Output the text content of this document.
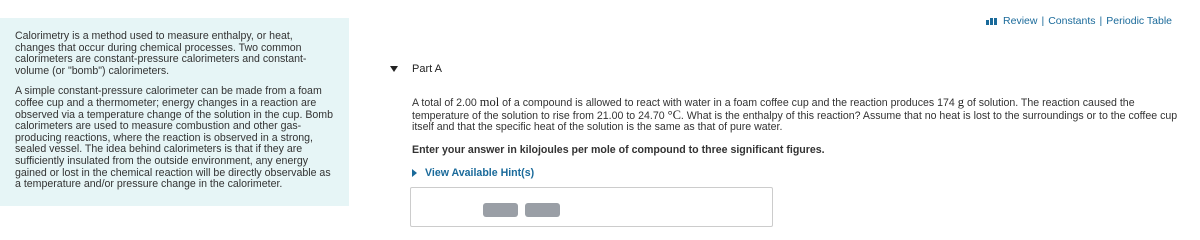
Calorimetry is a method used to measure enthalpy, or heat, changes that occur during chemical processes. Two common calorimeters are constant-pressure calorimeters and constant-volume (or "bomb") calorimeters.

A simple constant-pressure calorimeter can be made from a foam coffee cup and a thermometer; energy changes in a reaction are observed via a temperature change of the solution in the cup. Bomb calorimeters are used to measure combustion and other gas-producing reactions, where the reaction is observed in a strong, sealed vessel. The idea behind calorimeters is that if they are sufficiently insulated from the outside environment, any energy gained or lost in the chemical reaction will be directly observable as a temperature and/or pressure change in the calorimeter.

Review | Constants | Periodic Table
Part A
A total of 2.00 mol of a compound is allowed to react with water in a foam coffee cup and the reaction produces 174 g of solution. The reaction caused the temperature of the solution to rise from 21.00 to 24.70 °C. What is the enthalpy of this reaction? Assume that no heat is lost to the surroundings or to the coffee cup itself and that the specific heat of the solution is the same as that of pure water.
Enter your answer in kilojoules per mole of compound to three significant figures.
View Available Hint(s)
